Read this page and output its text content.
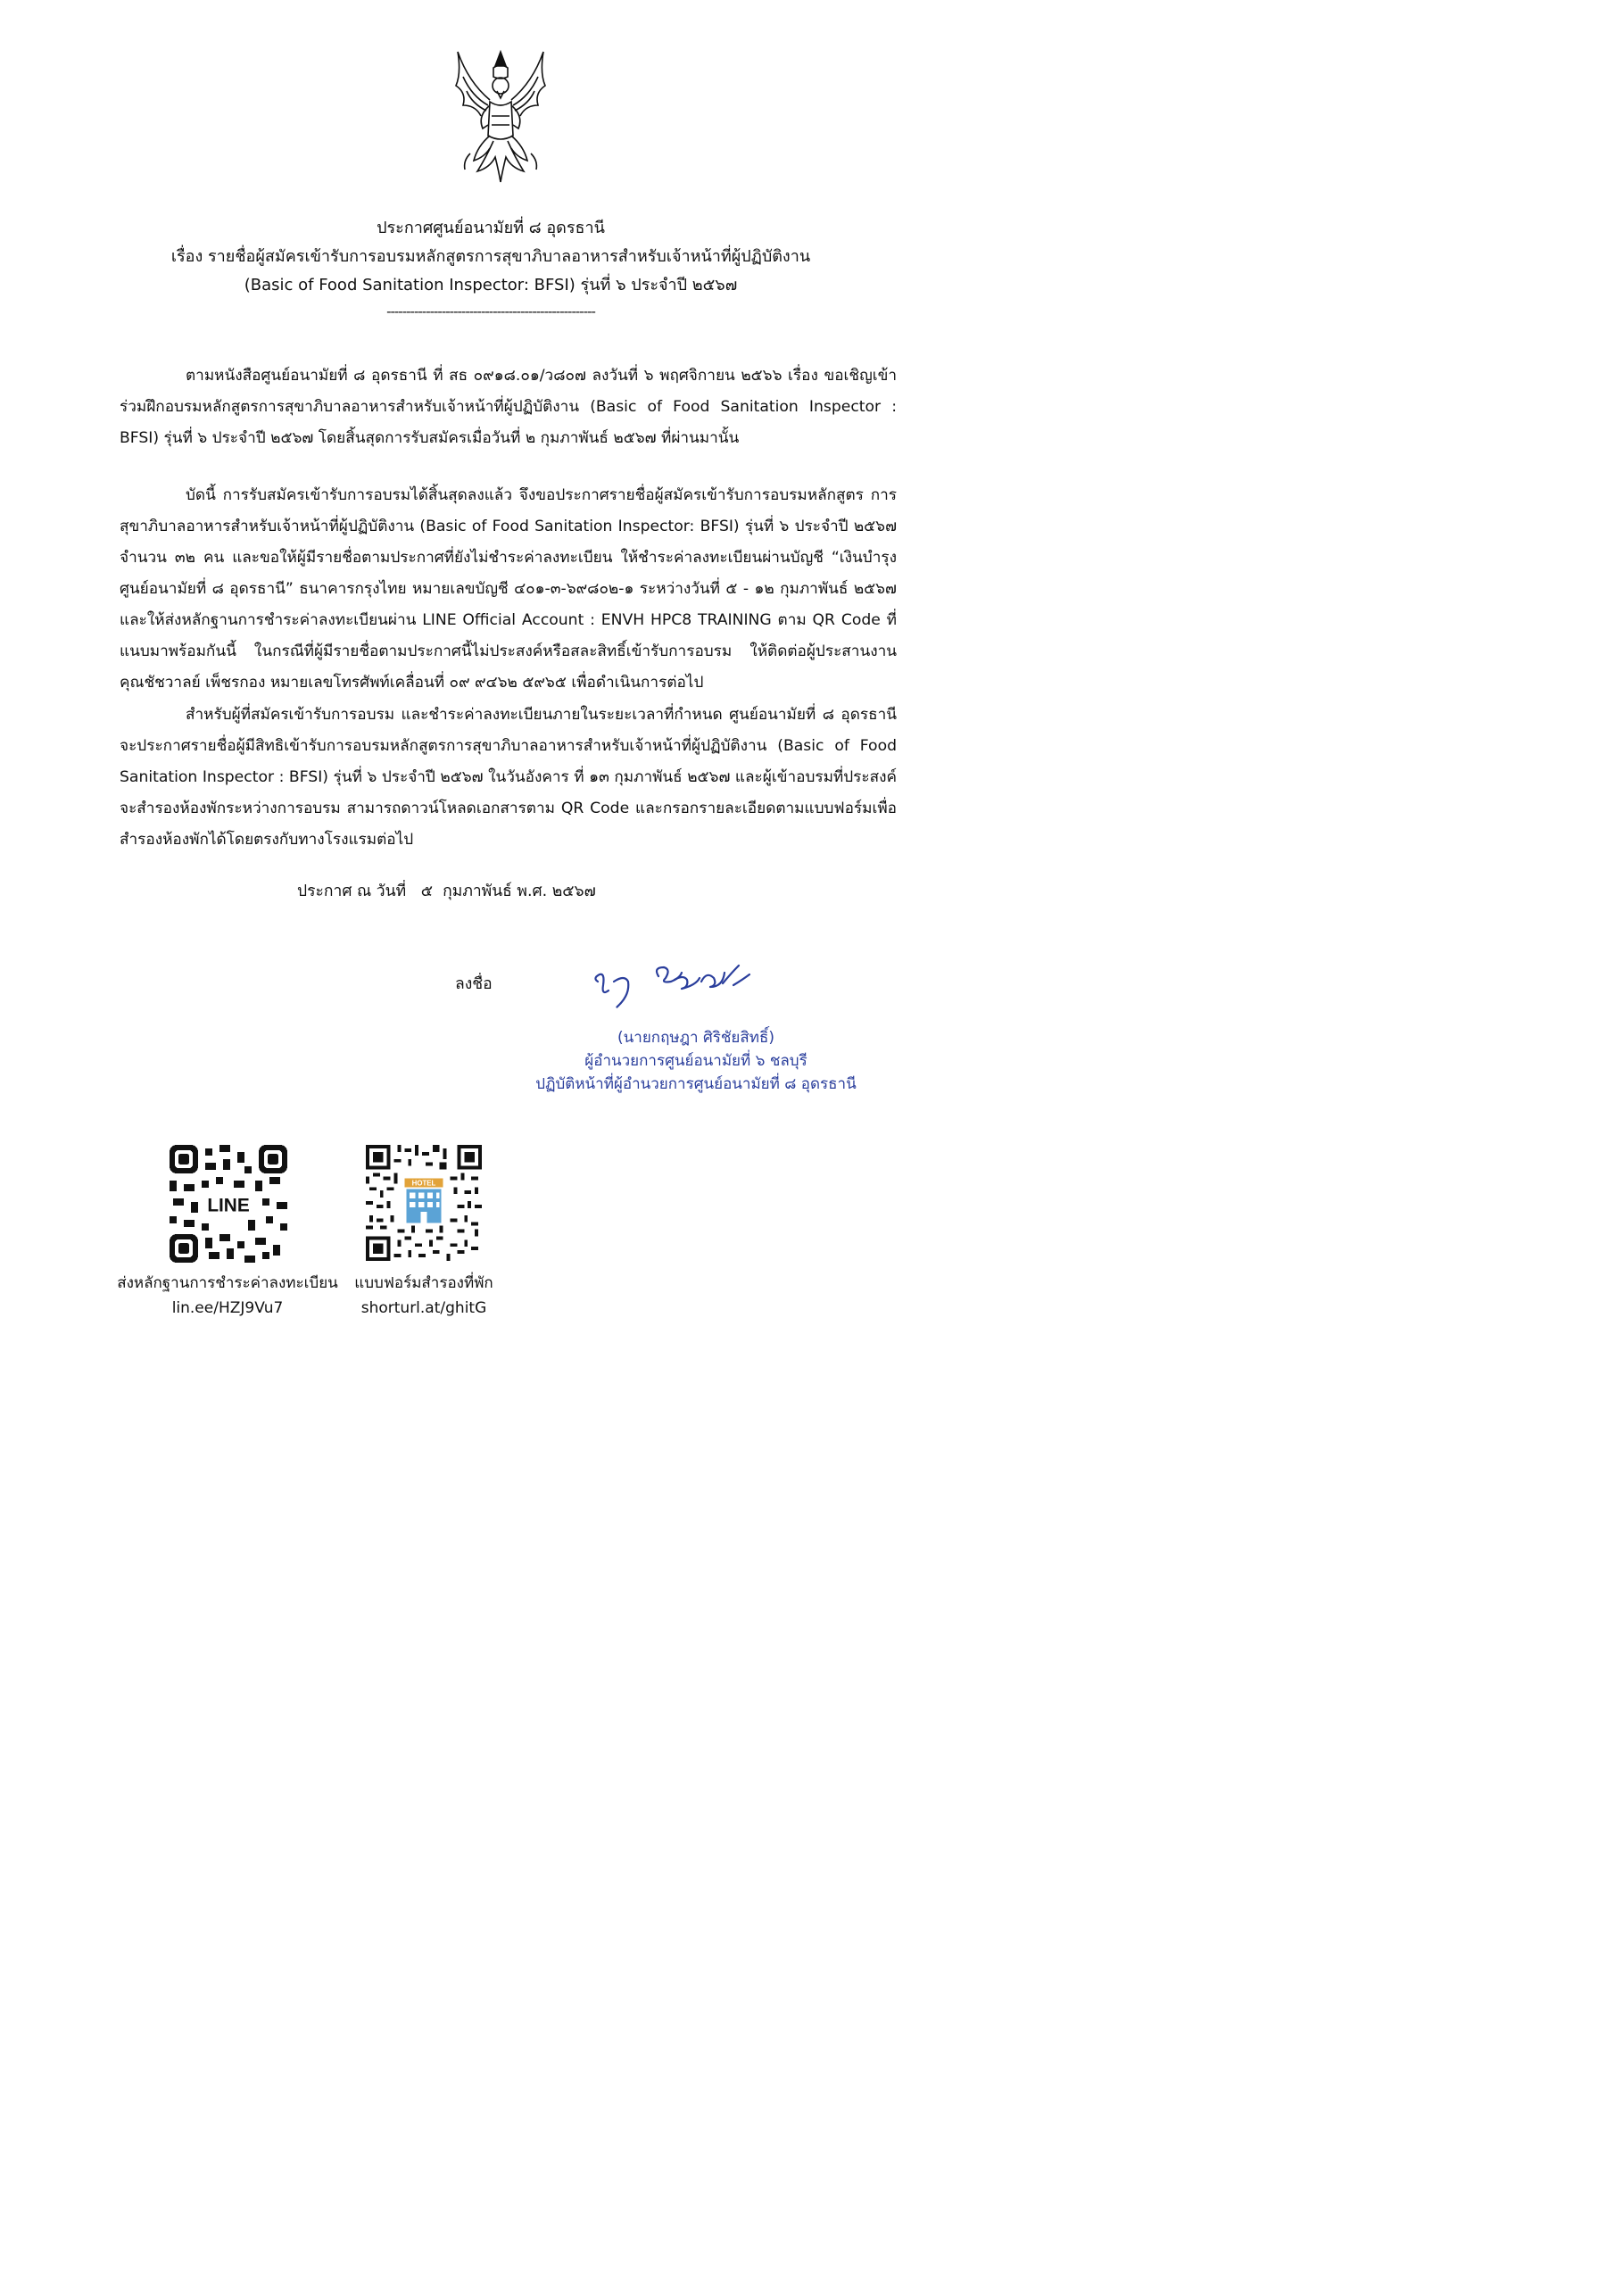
ประกาศศูนย์อนามัยที่ ๘ อุดรธานี
เรื่อง รายชื่อผู้สมัครเข้ารับการอบรมหลักสูตรการสุขาภิบาลอาหารสำหรับเจ้าหน้าที่ผู้ปฏิบัติงาน
(Basic of Food Sanitation Inspector: BFSI) รุ่นที่ ๖ ประจำปี ๒๕๖๗
-----------------------------------------------------
ตามหนังสือศูนย์อนามัยที่ ๘ อุดรธานี ที่ สธ ๐๙๑๘.๐๑/ว๘๐๗ ลงวันที่ ๖ พฤศจิกายน ๒๕๖๖ เรื่อง ขอเชิญเข้าร่วมฝึกอบรมหลักสูตรการสุขาภิบาลอาหารสำหรับเจ้าหน้าที่ผู้ปฏิบัติงาน (Basic of Food Sanitation Inspector : BFSI) รุ่นที่ ๖ ประจำปี ๒๕๖๗ โดยสิ้นสุดการรับสมัครเมื่อวันที่ ๒ กุมภาพันธ์ ๒๕๖๗ ที่ผ่านมานั้น
บัดนี้ การรับสมัครเข้ารับการอบรมได้สิ้นสุดลงแล้ว จึงขอประกาศรายชื่อผู้สมัครเข้ารับการอบรมหลักสูตร การสุขาภิบาลอาหารสำหรับเจ้าหน้าที่ผู้ปฏิบัติงาน (Basic of Food Sanitation Inspector: BFSI) รุ่นที่ ๖ ประจำปี ๒๕๖๗ จำนวน ๓๒ คน และขอให้ผู้มีรายชื่อตามประกาศที่ยังไม่ชำระค่าลงทะเบียน ให้ชำระค่าลงทะเบียนผ่านบัญชี “เงินบำรุง ศูนย์อนามัยที่ ๘ อุดรธานี” ธนาคารกรุงไทย หมายเลขบัญชี ๔๐๑-๓-๖๙๘๐๒-๑ ระหว่างวันที่ ๕ - ๑๒ กุมภาพันธ์ ๒๕๖๗ และให้ส่งหลักฐานการชำระค่าลงทะเบียนผ่าน LINE Official Account : ENVH HPC8 TRAINING ตาม QR Code ที่แนบมาพร้อมกันนี้ ในกรณีที่ผู้มีรายชื่อตามประกาศนี้ไม่ประสงค์หรือสละสิทธิ์เข้ารับการอบรม ให้ติดต่อผู้ประสานงาน คุณชัชวาลย์ เพ็ชรกอง หมายเลขโทรศัพท์เคลื่อนที่ ๐๙ ๙๔๖๒ ๕๙๖๕ เพื่อดำเนินการต่อไป
สำหรับผู้ที่สมัครเข้ารับการอบรม และชำระค่าลงทะเบียนภายในระยะเวลาที่กำหนด ศูนย์อนามัยที่ ๘ อุดรธานี จะประกาศรายชื่อผู้มีสิทธิเข้ารับการอบรมหลักสูตรการสุขาภิบาลอาหารสำหรับเจ้าหน้าที่ผู้ปฏิบัติงาน (Basic of Food Sanitation Inspector : BFSI) รุ่นที่ ๖ ประจำปี ๒๕๖๗ ในวันอังคาร ที่ ๑๓ กุมภาพันธ์ ๒๕๖๗ และผู้เข้าอบรมที่ประสงค์จะสำรองห้องพักระหว่างการอบรม สามารถดาวน์โหลดเอกสารตาม QR Code และกรอกรายละเอียดตามแบบฟอร์มเพื่อสำรองห้องพักได้โดยตรงกับทางโรงแรมต่อไป
ประกาศ ณ วันที่   ๕  กุมภาพันธ์ พ.ศ. ๒๕๖๗
ลงชื่อ
(นายกฤษฎา ศิริชัยสิทธิ์)
ผู้อำนวยการศูนย์อนามัยที่ ๖ ชลบุรี
ปฏิบัติหน้าที่ผู้อำนวยการศูนย์อนามัยที่ ๘ อุดรธานี
LINE
ส่งหลักฐานการชำระค่าลงทะเบียน
lin.ee/HZJ9Vu7
HOTEL
แบบฟอร์มสำรองที่พัก
shorturl.at/ghitG
